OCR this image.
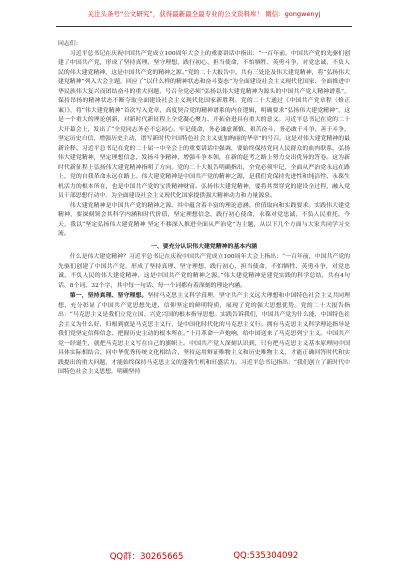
关注头条号“公文研究”，获得最新最全最专业的公文资料库！ 微信：gongwenyj

同志们：

习近平总书记在庆祝中国共产党成立100周年大会上的重要讲话中指出：“一百年前，中国共产党的先驱们创建了中国共产党，形成了坚持真理、坚守理想，践行初心、担当使命，不怕牺牲、英勇斗争，对党忠诚、不负人民的伟大建党精神，这是中国共产党的精神之源。”党的二十大报告中，共有三处论及伟大建党精神，将“弘扬伟大建党精神”列入大会主题，回应了“以什么样的精神状态和奋斗姿态”为全面建设社会主义现代化国家、全面推进中华民族伟大复兴而团结奋斗的重大问题，号召全党必须“弘扬以伟大建党精神为源头的中国共产党人精神谱系”，保持昂扬的精神状态不断夺取全面建设社会主义现代化国家新胜利。党的二十大通过《中国共产党章程（修正案）》，将“伟大建党精神”首次写入党章，高度契合党的精神谱系的内在逻辑，明确要求“弘扬伟大建党精神”，这是一个重大的理论创新，对新时代新征程上全党凝心聚力、开拓奋进具有重大的意义。习近平总书记在党的二十大开幕会上，发出了“全党同志务必不忘初心、牢记使命，务必谦虚谨慎、艰苦奋斗，务必敢于斗争、善于斗争，坚定历史自信，增强历史主动，谱写新时代中国特色社会主义更加绚丽的华章”的号召。这是对伟大建党精神的最新诠释。习近平总书记在党的二十届一中全会上的重要讲话中强调，要始终保持党同人民群众的血肉联系，弘扬伟大建党精神，坚定理想信念，发扬斗争精神，增强斗争本领，在新的赶考之路上努力交出优异的答卷。这为新时代新征程上弘扬伟大建党精神指明了方向。党的二十大报告明确指出，全党必须牢记，全面从严治党永远在路上，党的自我革命永远在路上。伟大建党精神是中国共产党的精神之源，是我们党保持先进性和纯洁性、永葆生机活力的根本所在，也是中国共产党的宝贵精神财富。弘扬伟大建党精神，要将其贯穿党的建设全过程，融入党员干部思想行动中，为全面建设社会主义现代化国家提供强大精神动力和力量源泉。

伟大建党精神是中国共产党的精神之源，其中蕴含着丰富的理论意涵、价值取向和实践要求。实践伟大建党精神，要深刻领会其科学内涵和时代价值，坚定理想信念，践行初心使命，永葆对党忠诚，不负人民重托。今天，我以“坚定弘扬伟大建党精神 坚定不移深入推进全面从严治党”为主题，从以下几个方面与大家共同学习交流。

一、要充分认识伟大建党精神的基本内涵

什么是伟大建党精神？习近平总书记在庆祝中国共产党成立100周年大会上指出：“一百年前，中国共产党的先驱们创建了中国共产党，形成了坚持真理、坚守理想，践行初心、担当使命，不怕牺牲、英勇斗争，对党忠诚、不负人民的伟大建党精神，这是中国共产党的精神之源。”伟大建党精神是建党实践的科学总结，共有4句话、8个词、32个字，其中每一句话、每一个词都有着深刻的理论内涵。

第一，坚持真理、坚守理想。坚持马克思主义科学真理，坚守共产主义远大理想和中国特色社会主义共同理想，充分彰显了中国共产党思想先进、信仰坚定的鲜明特质，展现了党的强大思想优势。党的二十大报告指出：“马克思主义是我们立党立国、兴党兴国的根本指导思想。实践告诉我们，中国共产党为什么能，中国特色社会主义为什么好，归根到底是马克思主义行，是中国化时代化的马克思主义行。拥有马克思主义科学理论指导是我们党坚定信仰信念、把握历史主动的根本所在。”十月革命一声炮响，给中国送来了马克思列宁主义。中国共产党一经诞生，就把马克思主义写在自己的旗帜上。中国共产党人深刻认识到，只有把马克思主义基本原理同中国具体实际相结合、同中华优秀传统文化相结合，坚持运用辩证唯物主义和历史唯物主义，才能正确回答时代和实践提出的重大问题，才能始终保持马克思主义的蓬勃生机和旺盛活力。习近平总书记指出：“我们创立了新时代中国特色社会主义思想，明确坚持

QQ群：30265665	QQ:535304092
